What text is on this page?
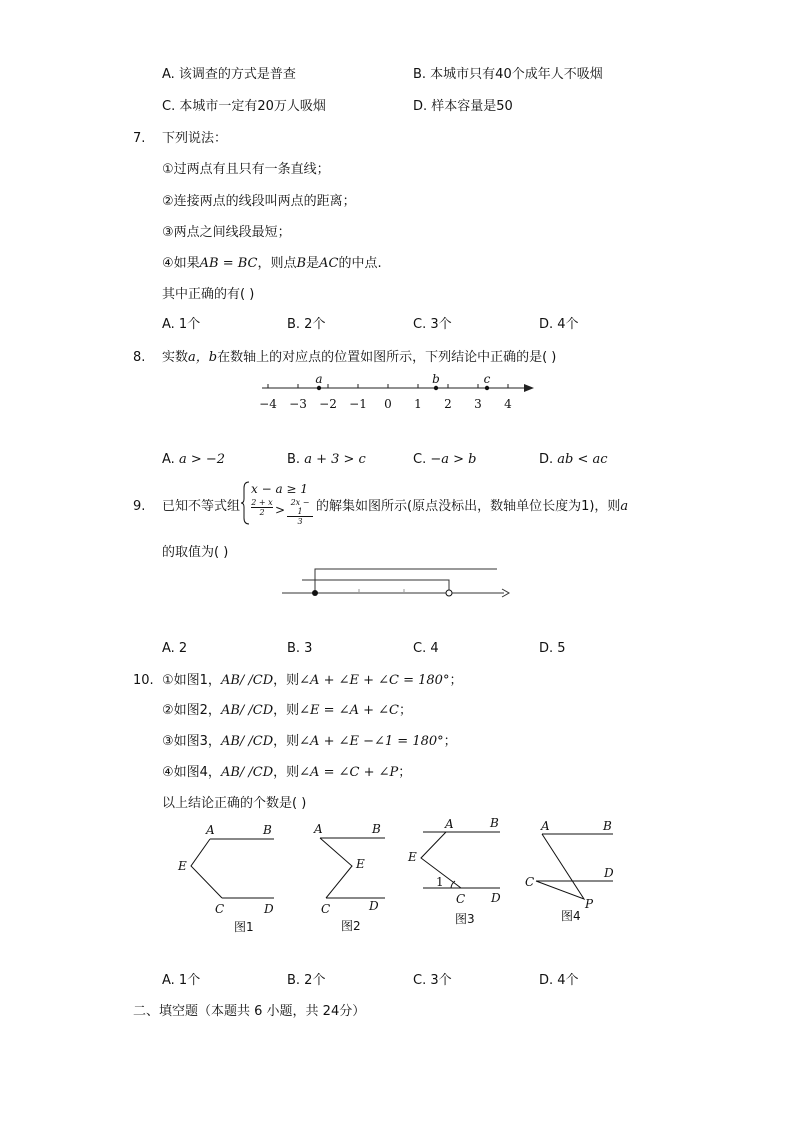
A. 该调查的方式是普查	B. 本城市只有40个成年人不吸烟
C. 本城市一定有20万人吸烟	D. 样本容量是50
7. 下列说法：
①过两点有且只有一条直线；
②连接两点的线段叫两点的距离；
③两点之间线段最短；
④如果AB = BC，则点B是AC的中点.
其中正确的有( )
A. 1个	B. 2个	C. 3个	D. 4个
8. 实数a，b在数轴上的对应点的位置如图所示，下列结论中正确的是( )
−4 −3 −2 −1 0 1 2 3 4
a	b	c
A. a > −2	B. a + 3 > c	C. −a > b	D. ab < ac
9. 已知不等式组
x − a ≥ 1
$\frac{2 + x}{2} > \frac{2x - 1}{3}$ 的解集如图所示(原点没标出，数轴单位长度为1)，则a
的取值为( )
A. 2	B. 3	C. 4	D. 5
10. ①如图1，AB/ /CD，则∠A + ∠E + ∠C = 180°；
②如图2，AB/ /CD，则∠E = ∠A + ∠C；
③如图3，AB/ /CD，则∠A + ∠E −∠1 = 180°；
④如图4，AB/ /CD，则∠A = ∠C + ∠P；
以上结论正确的个数是( )
A	B
E
C	D
图1
A	B
E
C	D
图2
A	B
E
1
C D
图3
A	B
C
D
P
图4
A. 1个	B. 2个	C. 3个	D. 4个
二、填空题（本题共 6 小题，共 24分）
